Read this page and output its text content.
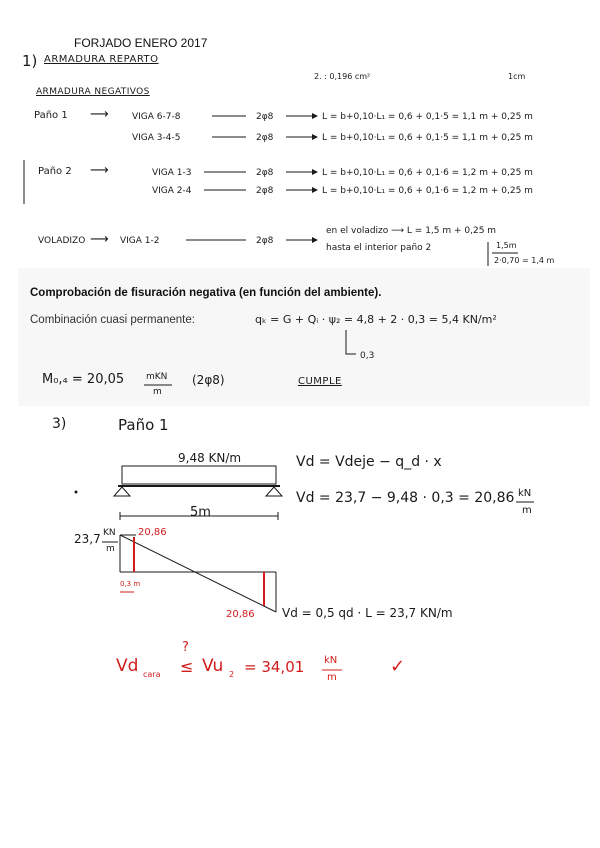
FORJADO ENERO 2017
1) ARMADURA REPARTO
2. : 0,196 cm²	1cm
ARMADURA NEGATIVOS
Paño 1 ⟶	VIGA 6-7-8	2φ8	L = b+0,10·L₁ = 0,6 + 0,1·5 = 1,1 m + 0,25 m
VIGA 3-4-5	2φ8	L = b+0,10·L₁ = 0,6 + 0,1·5 = 1,1 m + 0,25 m
Paño 2 ⟶	VIGA 1-3	2φ8	L = b+0,10·L₁ = 0,6 + 0,1·6 = 1,2 m + 0,25 m
VIGA 2-4	2φ8	L = b+0,10·L₁ = 0,6 + 0,1·6 = 1,2 m + 0,25 m
VOLADIZO ⟶ VIGA 1-2	2φ8
en el voladizo ⟶ L = 1,5 m + 0,25 m
hasta el interior paño 2	1,5m
2·0,70 = 1,4 m
Comprobación de fisuración negativa (en función del ambiente).
Combinación cuasi permanente:	qₖ = G + Qᵢ · ψ₂ = 4,8 + 2 · 0,3 = 5,4 KN/m²
0,3
M₀,₄ = 20,05 mKN
m
(2φ8)	CUMPLE
3)	Paño 1
9,48 KN/m	Vd = Vdeje − q_d · x
Vd = 23,7 − 9,48 · 0,3 = 20,86 kN
m
5m
23,7 KN
m
20,86
0,3 m
20,86 Vd = 0,5 qd · L = 23,7 KN/m
?
Vd cara ≤ Vu 2 = 34,01 kN
m
✓
